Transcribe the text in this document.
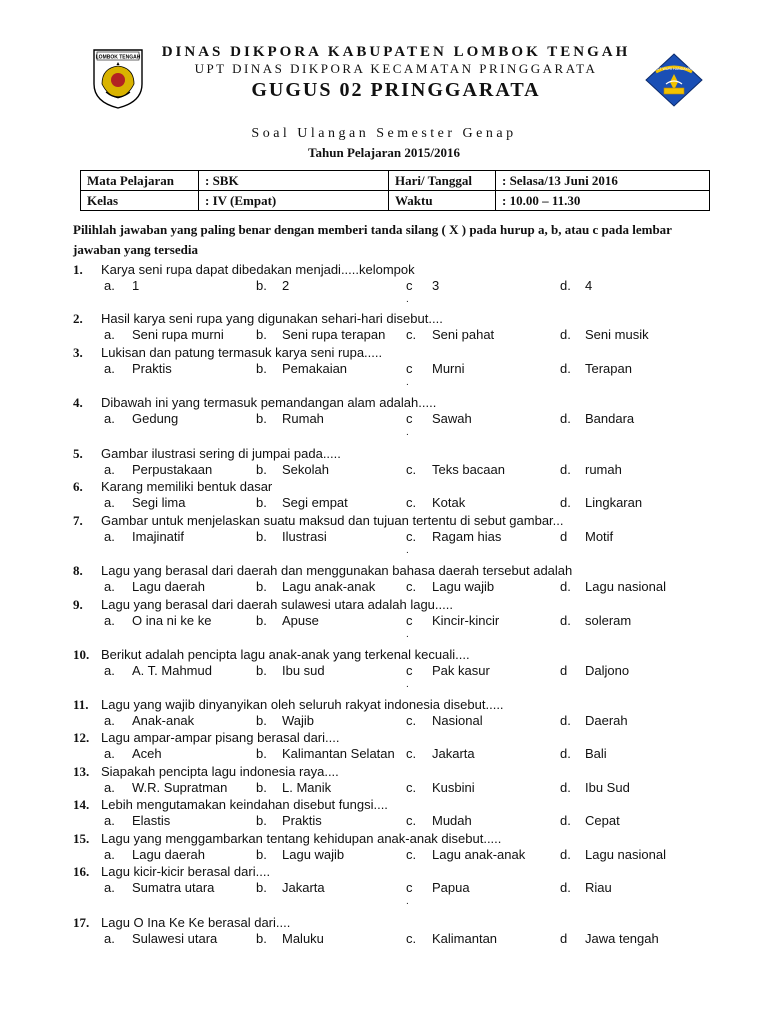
LOMBOK TENGAH
TUT WURI HANDAYANI
DINAS DIKPORA KABUPATEN LOMBOK TENGAH
UPT DINAS DIKPORA KECAMATAN PRINGGARATA
GUGUS 02 PRINGGARATA
Soal Ulangan Semester Genap
Tahun Pelajaran 2015/2016
Mata Pelajaran	: SBK	Hari/ Tanggal	: Selasa/13 Juni 2016
Kelas	: IV (Empat)	Waktu	: 10.00 – 11.30
Pilihlah jawaban yang paling benar dengan memberi tanda silang ( X ) pada hurup a, b, atau c pada lembar jawaban yang tersedia
1. Karya seni rupa dapat dibedakan menjadi.....kelompok
a. 1	b. 2	c 3	d. 4
.
2. Hasil karya seni rupa yang digunakan sehari-hari disebut....
a. Seni rupa murni b. Seni rupa terapan c. Seni pahat	d. Seni musik
3. Lukisan dan patung termasuk karya seni rupa.....
a. Praktis	b. Pemakaian	c Murni	d. Terapan
.
4. Dibawah ini yang termasuk pemandangan alam adalah.....
a. Gedung	b. Rumah	c Sawah	d. Bandara
.
5. Gambar ilustrasi sering di jumpai pada.....
a. Perpustakaan	b. Sekolah	c. Teks bacaan	d. rumah
6. Karang memiliki bentuk dasar
a. Segi lima	b. Segi empat	c. Kotak	d. Lingkaran
7. Gambar untuk menjelaskan suatu maksud dan tujuan tertentu di sebut gambar...
a. Imajinatif	b. Ilustrasi	c. Ragam hias	d Motif
.
8. Lagu yang berasal dari daerah dan menggunakan bahasa daerah tersebut adalah
a. Lagu daerah	b. Lagu anak-anak c. Lagu wajib	d. Lagu nasional
9. Lagu yang berasal dari daerah sulawesi utara adalah lagu.....
a. O ina ni ke ke	b. Apuse	c Kincir-kincir	d. soleram
.
10. Berikut adalah pencipta lagu anak-anak yang terkenal kecuali....
a. A. T. Mahmud	b. Ibu sud	c Pak kasur	d Daljono
.
11. Lagu yang wajib dinyanyikan oleh seluruh rakyat indonesia disebut.....
a. Anak-anak	b. Wajib	c. Nasional	d. Daerah
12. Lagu ampar-ampar pisang berasal dari....
a. Aceh	b. Kalimantan Selatan c. Jakarta	d. Bali
13. Siapakah pencipta lagu indonesia raya....
a. W.R. Supratman b. L. Manik	c. Kusbini	d. Ibu Sud
14. Lebih mengutamakan keindahan disebut fungsi....
a. Elastis	b. Praktis	c. Mudah	d. Cepat
15. Lagu yang menggambarkan tentang kehidupan anak-anak disebut.....
a. Lagu daerah	b. Lagu wajib	c. Lagu anak-anak	d. Lagu nasional
16. Lagu kicir-kicir berasal dari....
a. Sumatra utara	b. Jakarta	c Papua	d. Riau
.
17. Lagu O Ina Ke Ke berasal dari....
a. Sulawesi utara	b. Maluku	c. Kalimantan	d Jawa tengah
